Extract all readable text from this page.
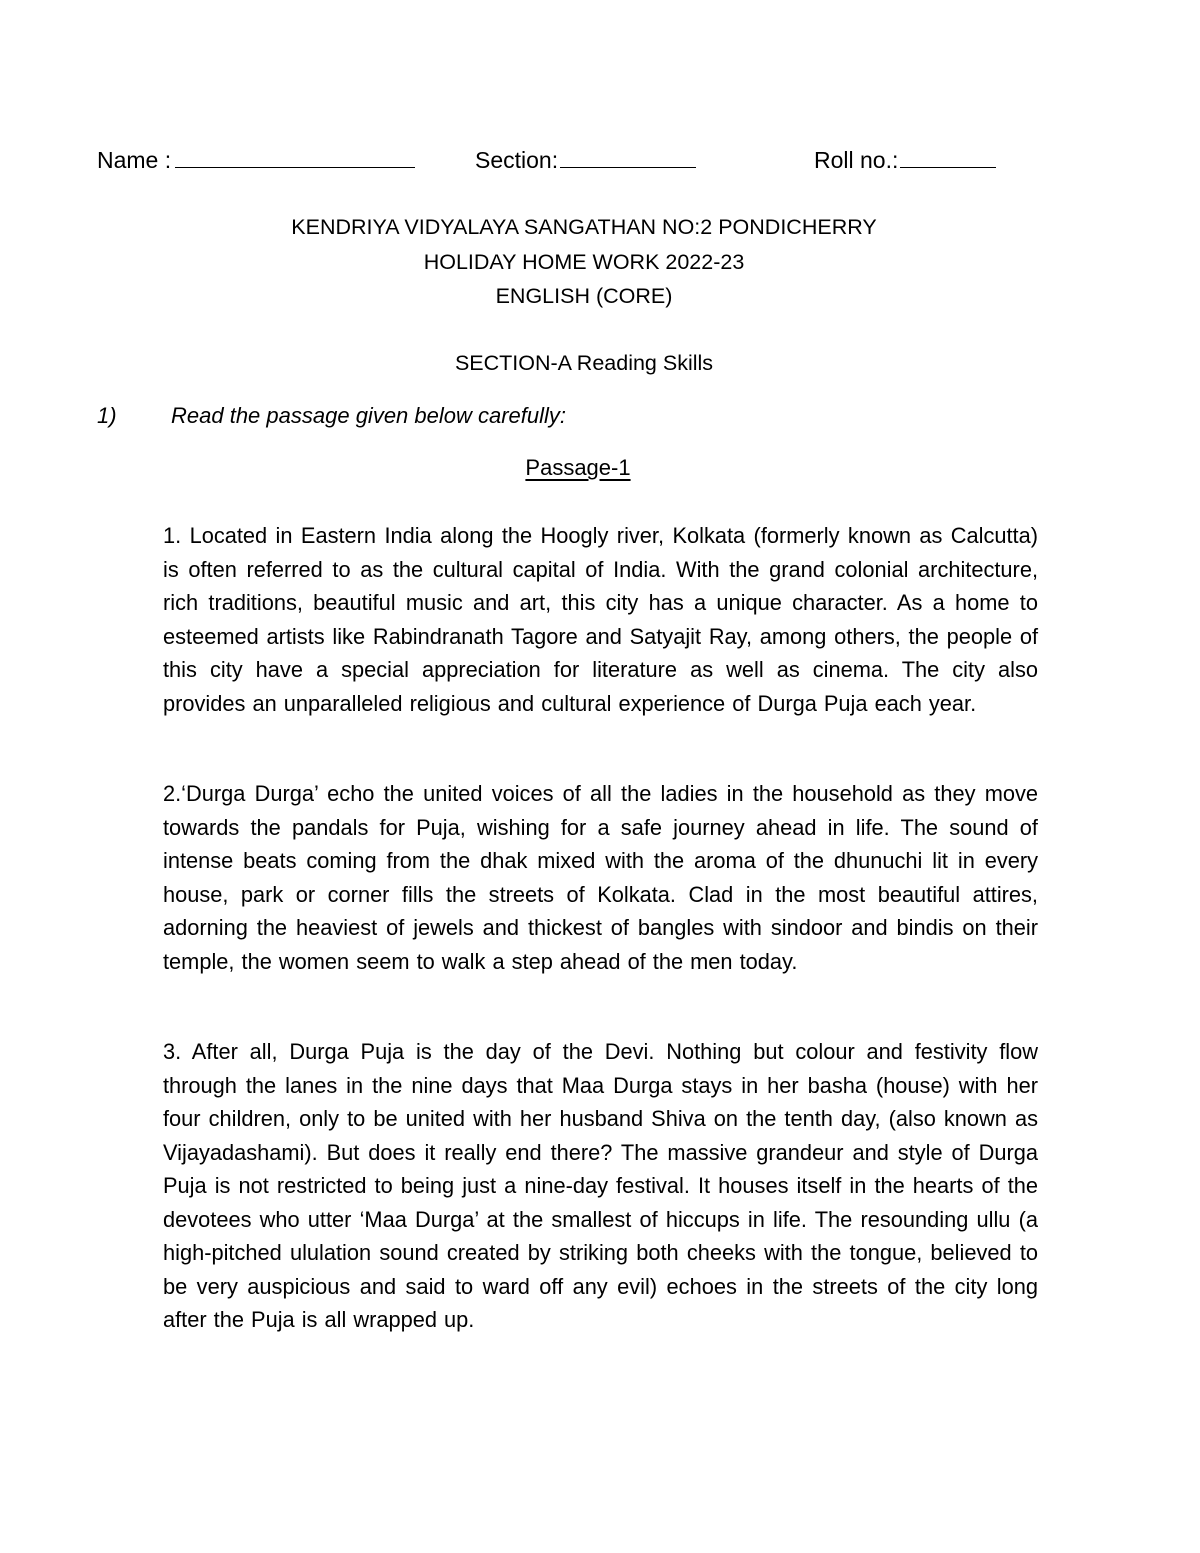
Name :	Section:	Roll no.:
KENDRIYA VIDYALAYA SANGATHAN NO:2 PONDICHERRY
HOLIDAY HOME WORK 2022-23
ENGLISH (CORE)
SECTION-A Reading Skills
1) Read the passage given below carefully:
Passage-1

1. Located in Eastern India along the Hoogly river, Kolkata (formerly known as Calcutta) is often referred to as the cultural capital of India. With the grand colonial architecture, rich traditions, beautiful music and art, this city has a unique character. As a home to esteemed artists like Rabindranath Tagore and Satyajit Ray, among others, the people of this city have a special appreciation for literature as well as cinema. The city also provides an unparalleled religious and cultural experience of Durga Puja each year.

2.‘Durga Durga’ echo the united voices of all the ladies in the household as they move towards the pandals for Puja, wishing for a safe journey ahead in life. The sound of intense beats coming from the dhak mixed with the aroma of the dhunuchi lit in every house, park or corner fills the streets of Kolkata. Clad in the most beautiful attires, adorning the heaviest of jewels and thickest of bangles with sindoor and bindis on their temple, the women seem to walk a step ahead of the men today.

3. After all, Durga Puja is the day of the Devi. Nothing but colour and festivity flow through the lanes in the nine days that Maa Durga stays in her basha (house) with her four children, only to be united with her husband Shiva on the tenth day, (also known as Vijayadashami). But does it really end there? The massive grandeur and style of Durga Puja is not restricted to being just a nine-day festival. It houses itself in the hearts of the devotees who utter ‘Maa Durga’ at the smallest of hiccups in life. The resounding ullu (a high-pitched ululation sound created by striking both cheeks with the tongue, believed to be very auspicious and said to ward off any evil) echoes in the streets of the city long after the Puja is all wrapped up.
